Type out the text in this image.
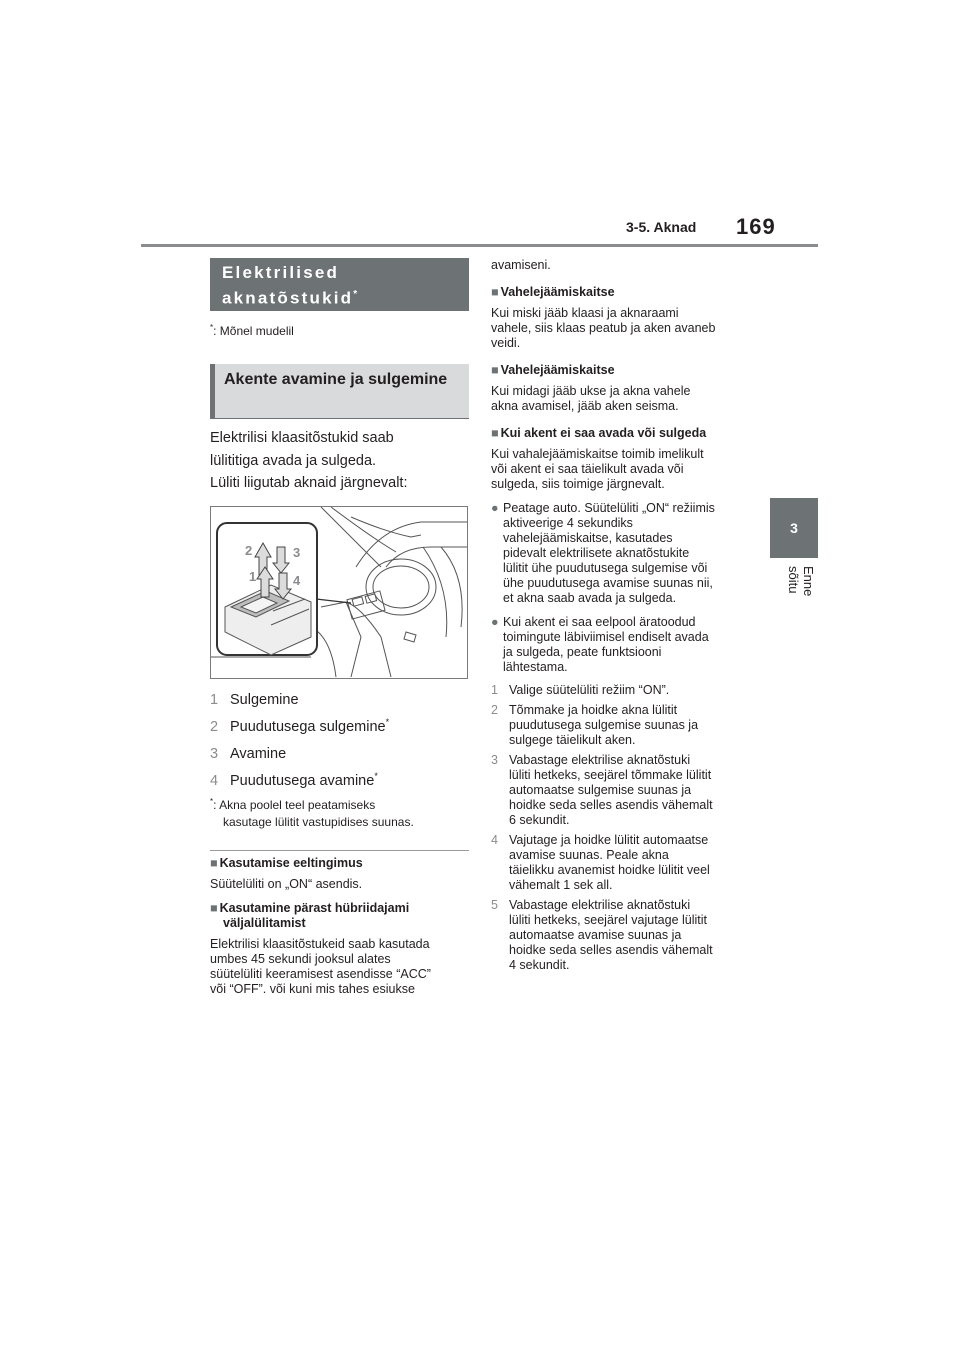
3-5. Aknad 169
3
Enne sõitu
Elektrilised aknatõstukid*
*: Mõnel mudelil
Akente avamine ja sulgemine
Elektrilisi klaasitõstukid saab
lülititiga avada ja sulgeda.
Lüliti liigutab aknaid järgnevalt:
2	3
1	4
1 Sulgemine
2 Puudutusega sulgemine*
3 Avamine
4 Puudutusega avamine*
*: Akna poolel teel peatamiseks
kasutage lülitit vastupidises suunas.
■ Kasutamise eeltingimus
Süütelüliti on „ON“ asendis.
■ Kasutamine pärast hübriidajami
väljalülitamist
Elektrilisi klaasitõstukeid saab kasutada
umbes 45 sekundi jooksul alates
süütelüliti keeramisest asendisse “ACC”
või “OFF”. või kuni mis tahes esiukse
avamiseni.
■ Vahelejäämiskaitse
Kui miski jääb klaasi ja aknaraami
vahele, siis klaas peatub ja aken avaneb
veidi.
■ Vahelejäämiskaitse
Kui midagi jääb ukse ja akna vahele
akna avamisel, jääb aken seisma.
■ Kui akent ei saa avada või sulgeda
Kui vahalejäämiskaitse toimib imelikult
või akent ei saa täielikult avada või
sulgeda, siis toimige järgnevalt.
● Peatage auto. Süütelüliti „ON“ režiimis
aktiveerige 4 sekundiks
vahelejäämiskaitse, kasutades
pidevalt elektrilisete aknatõstukite
lülitit ühe puudutusega sulgemise või
ühe puudutusega avamise suunas nii,
et akna saab avada ja sulgeda.
● Kui akent ei saa eelpool äratoodud
toimingute läbiviimisel endiselt avada
ja sulgeda, peate funktsiooni
lähtestama.
1 Valige süütelüliti režiim “ON”.
2 Tõmmake ja hoidke akna lülitit
puudutusega sulgemise suunas ja
sulgege täielikult aken.
3 Vabastage elektrilise aknatõstuki
lüliti hetkeks, seejärel tõmmake lülitit
automaatse sulgemise suunas ja
hoidke seda selles asendis vähemalt
6 sekundit.
4 Vajutage ja hoidke lülitit automaatse
avamise suunas. Peale akna
täielikku avanemist hoidke lülitit veel
vähemalt 1 sek all.
5 Vabastage elektrilise aknatõstuki
lüliti hetkeks, seejärel vajutage lülitit
automaatse avamise suunas ja
hoidke seda selles asendis vähemalt
4 sekundit.
